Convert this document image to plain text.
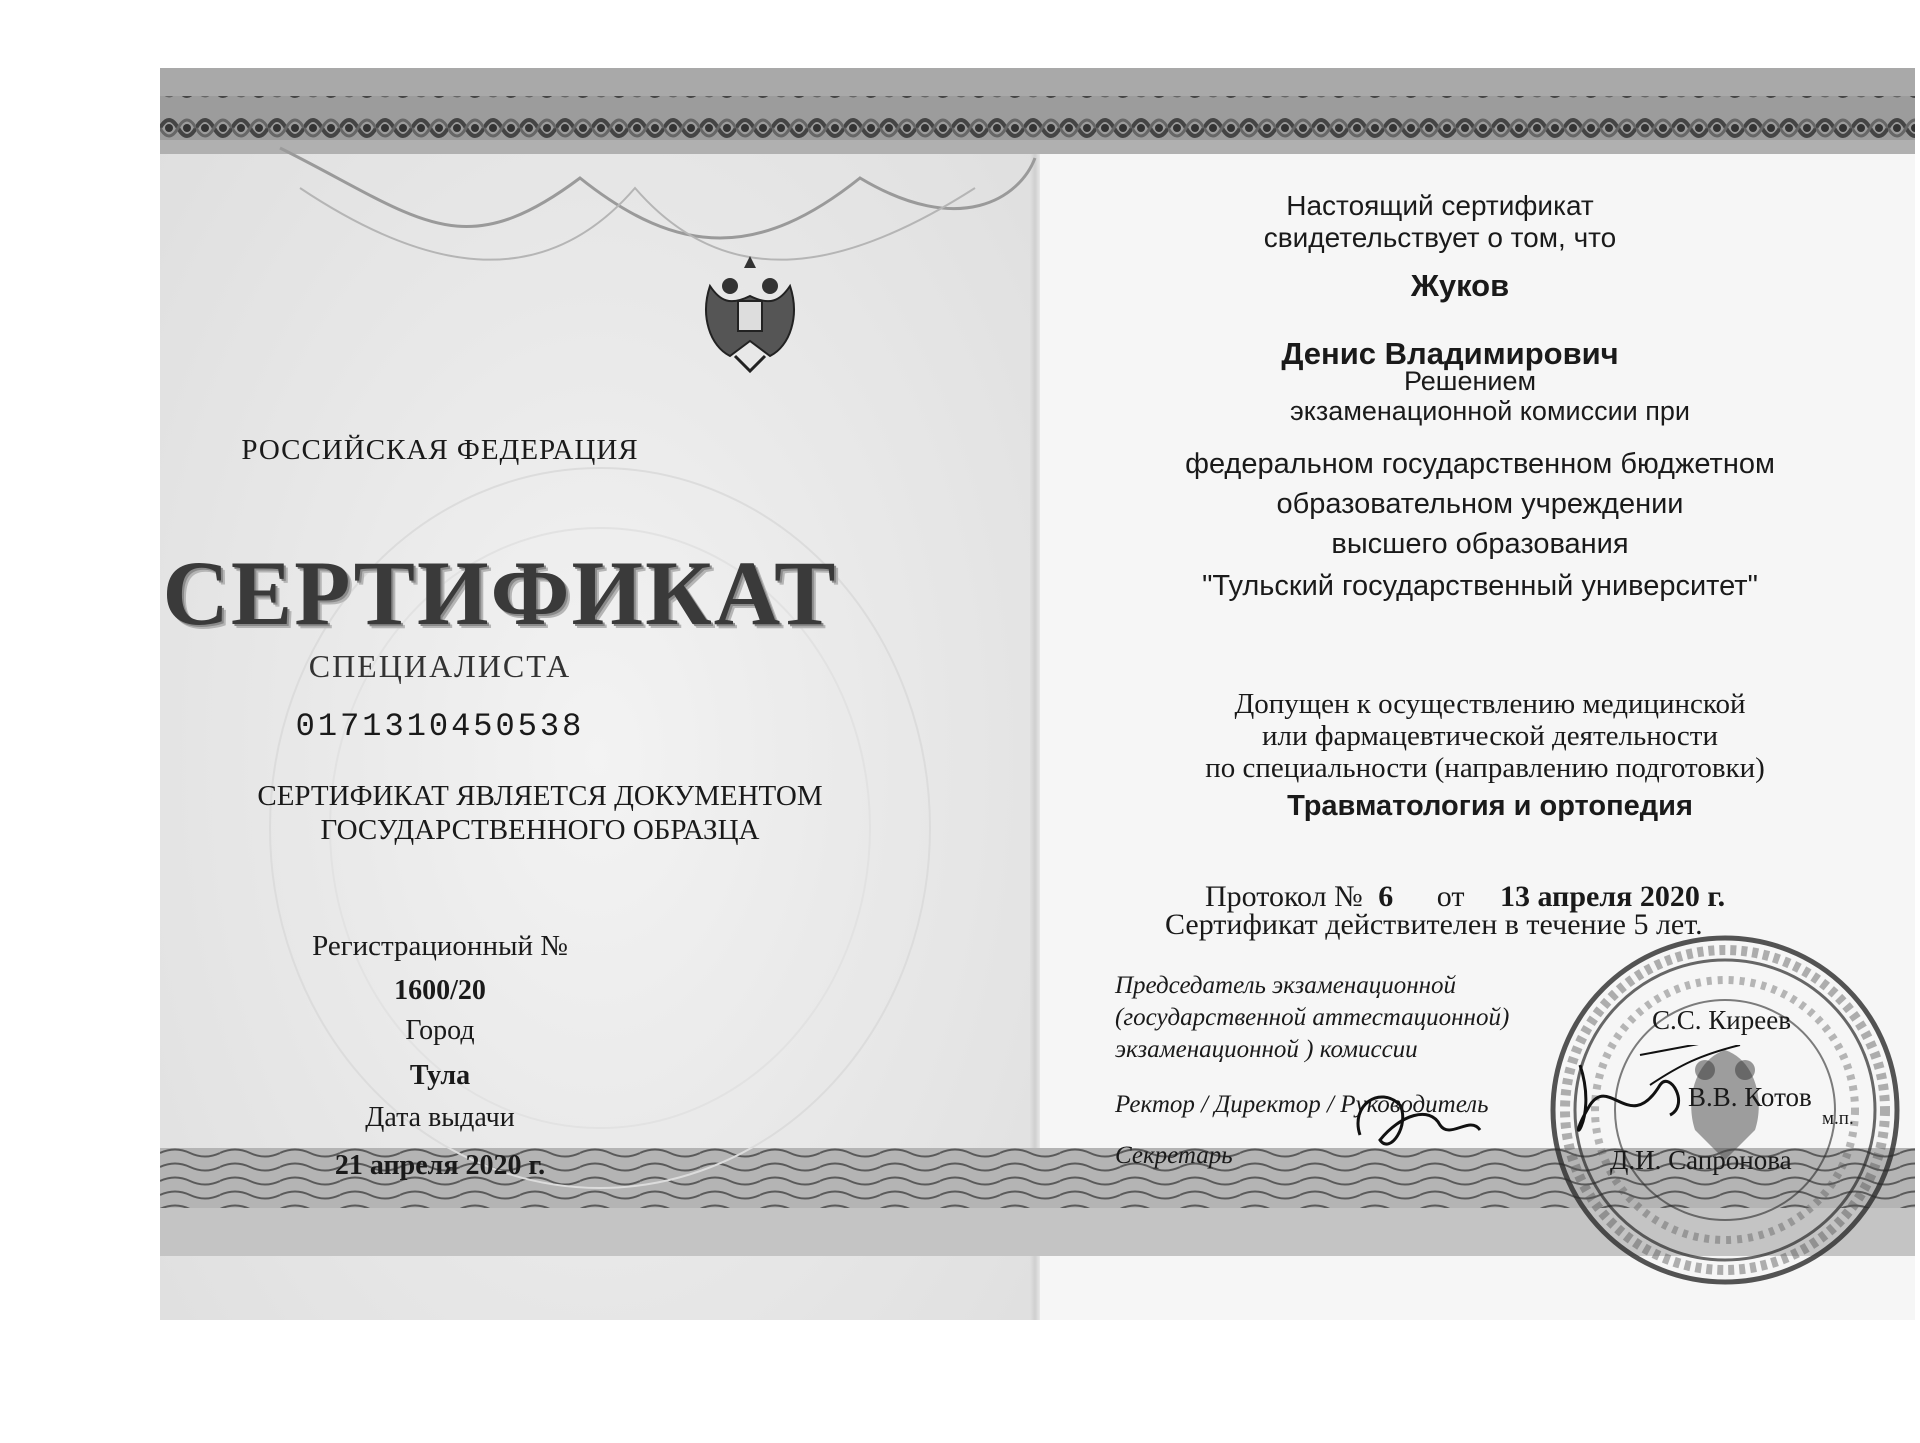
РОССИЙСКАЯ ФЕДЕРАЦИЯ
СЕРТИФИКАТ
СПЕЦИАЛИСТА
0171310450538
СЕРТИФИКАТ ЯВЛЯЕТСЯ ДОКУМЕНТОМ
ГОСУДАРСТВЕННОГО ОБРАЗЦА
Регистрационный №
1600/20
Город
Тула
Дата выдачи
21 апреля 2020 г.
Настоящий сертификат
свидетельствует о том, что
Жуков
Денис Владимирович
Решением
экзаменационной комиссии при
федеральном государственном бюджетном
образовательном учреждении
высшего образования
"Тульский государственный университет"
Допущен к осуществлению медицинской
или фармацевтической деятельности
по специальности (направлению подготовки)
Травматология и ортопедия
Протокол № 6 от 13 апреля 2020 г.
Сертификат действителен в течение 5 лет.
Председатель экзаменационной
(государственной аттестационной)
экзаменационной ) комиссии
Ректор / Директор / Руководитель
Секретарь
С.С. Киреев
В.В. Котов
м.п.
Д.И. Сапронова
